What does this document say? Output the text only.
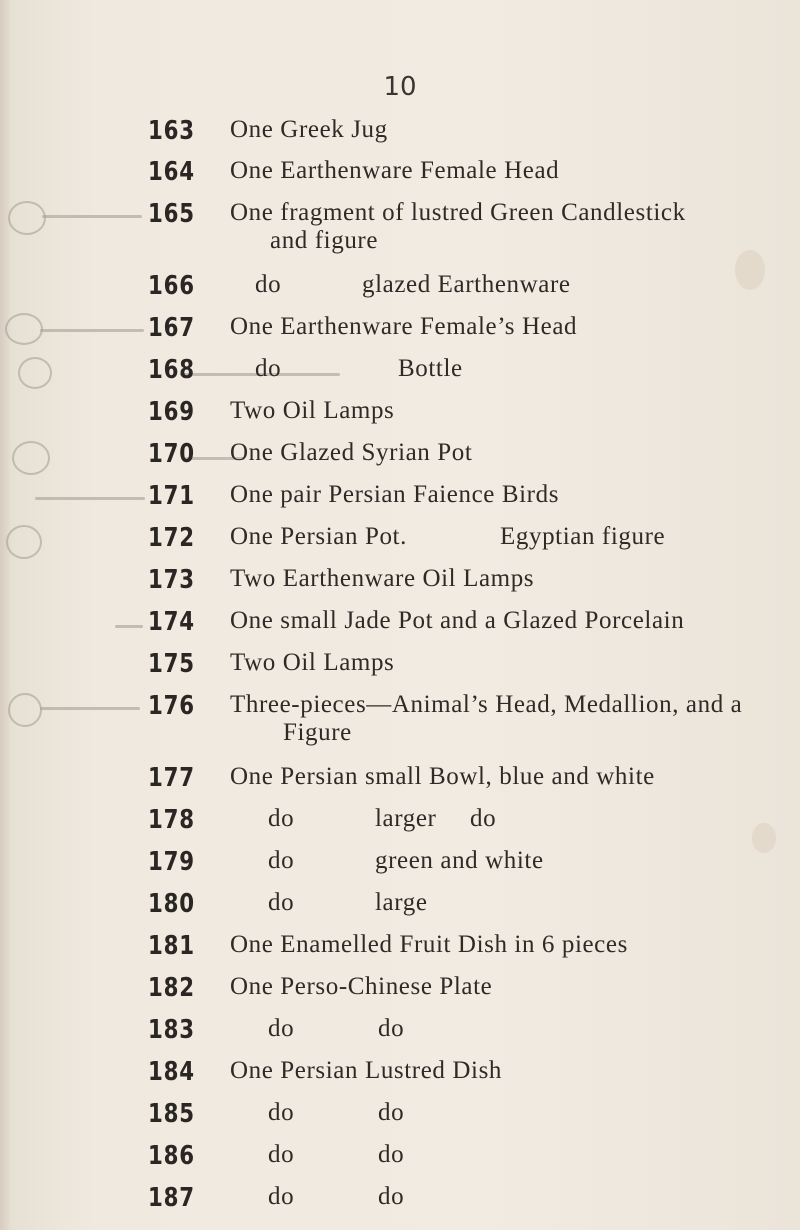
10
163	One Greek Jug
164	One Earthenware Female Head
165	One fragment of lustred Green Candlestick
and figure
166	do	glazed Earthenware
167	One Earthenware Female’s Head
168	do	Bottle
169	Two Oil Lamps
170	One Glazed Syrian Pot
171	One pair Persian Faience Birds
172	One Persian Pot.	Egyptian figure
173	Two Earthenware Oil Lamps
174	One small Jade Pot and a Glazed Porcelain
175	Two Oil Lamps
176	Three-pieces—Animal’s Head, Medallion, and a
Figure
177	One Persian small Bowl, blue and white
178	do	larger do
179	do	green and white
180	do	large
181	One Enamelled Fruit Dish in 6 pieces
182	One Perso-Chinese Plate
183	do	do
184	One Persian Lustred Dish
185	do	do
186	do	do
187	do	do
